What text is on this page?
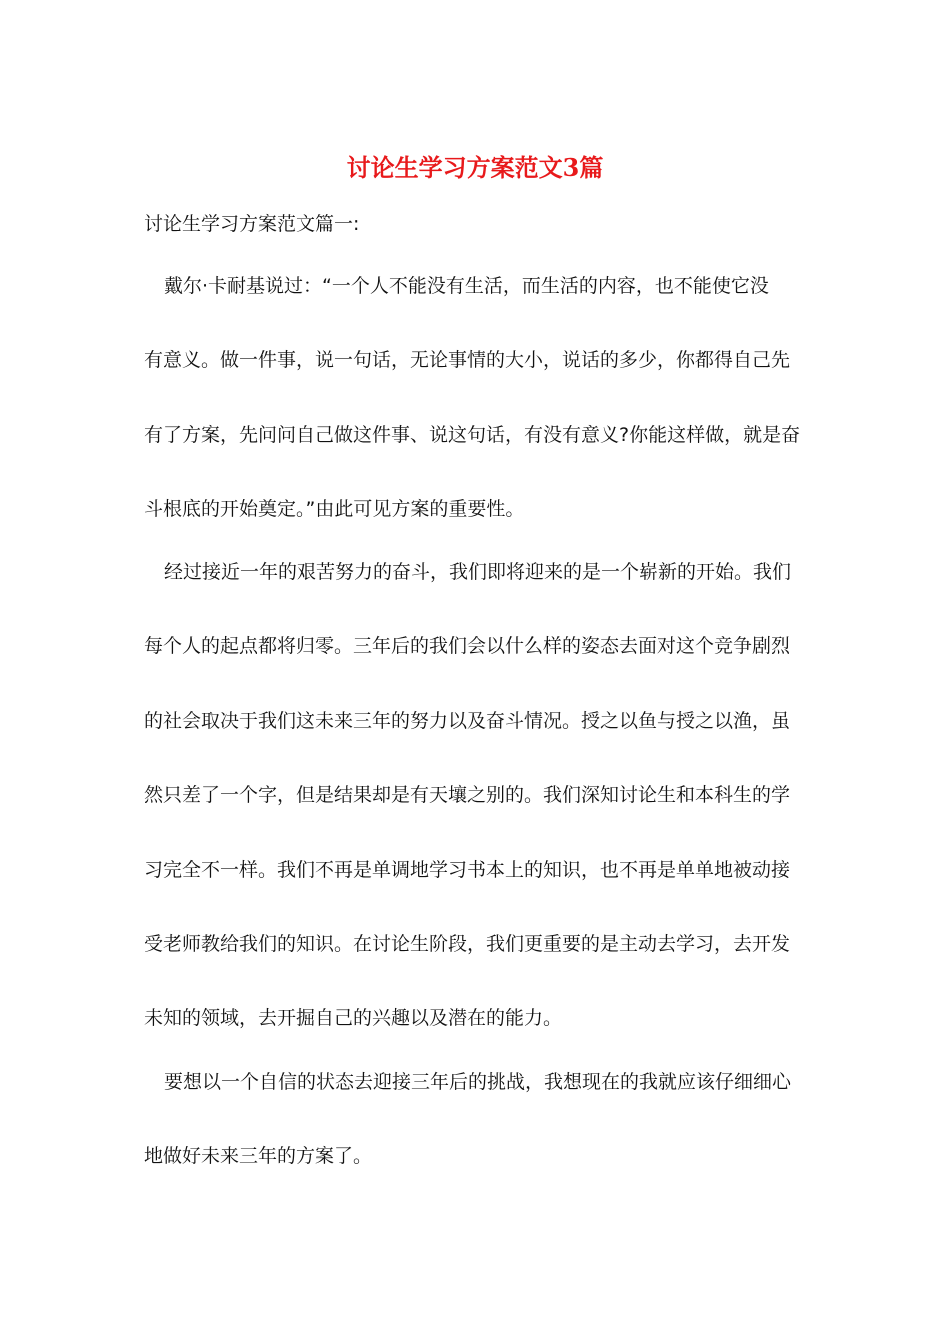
讨论生学习方案范文3篇

讨论生学习方案范文篇一:

戴尔·卡耐基说过：“一个人不能没有生活，而生活的内容，也不能使它没
有意义。做一件事，说一句话，无论事情的大小，说话的多少，你都得自己先
有了方案，先问问自己做这件事、说这句话，有没有意义?你能这样做，就是奋
斗根底的开始奠定。”由此可见方案的重要性。
经过接近一年的艰苦努力的奋斗，我们即将迎来的是一个崭新的开始。我们
每个人的起点都将归零。三年后的我们会以什么样的姿态去面对这个竞争剧烈
的社会取决于我们这未来三年的努力以及奋斗情况。授之以鱼与授之以渔，虽
然只差了一个字，但是结果却是有天壤之别的。我们深知讨论生和本科生的学
习完全不一样。我们不再是单调地学习书本上的知识，也不再是单单地被动接
受老师教给我们的知识。在讨论生阶段，我们更重要的是主动去学习，去开发
未知的领域，去开掘自己的兴趣以及潜在的能力。
要想以一个自信的状态去迎接三年后的挑战，我想现在的我就应该仔细细心
地做好未来三年的方案了。
